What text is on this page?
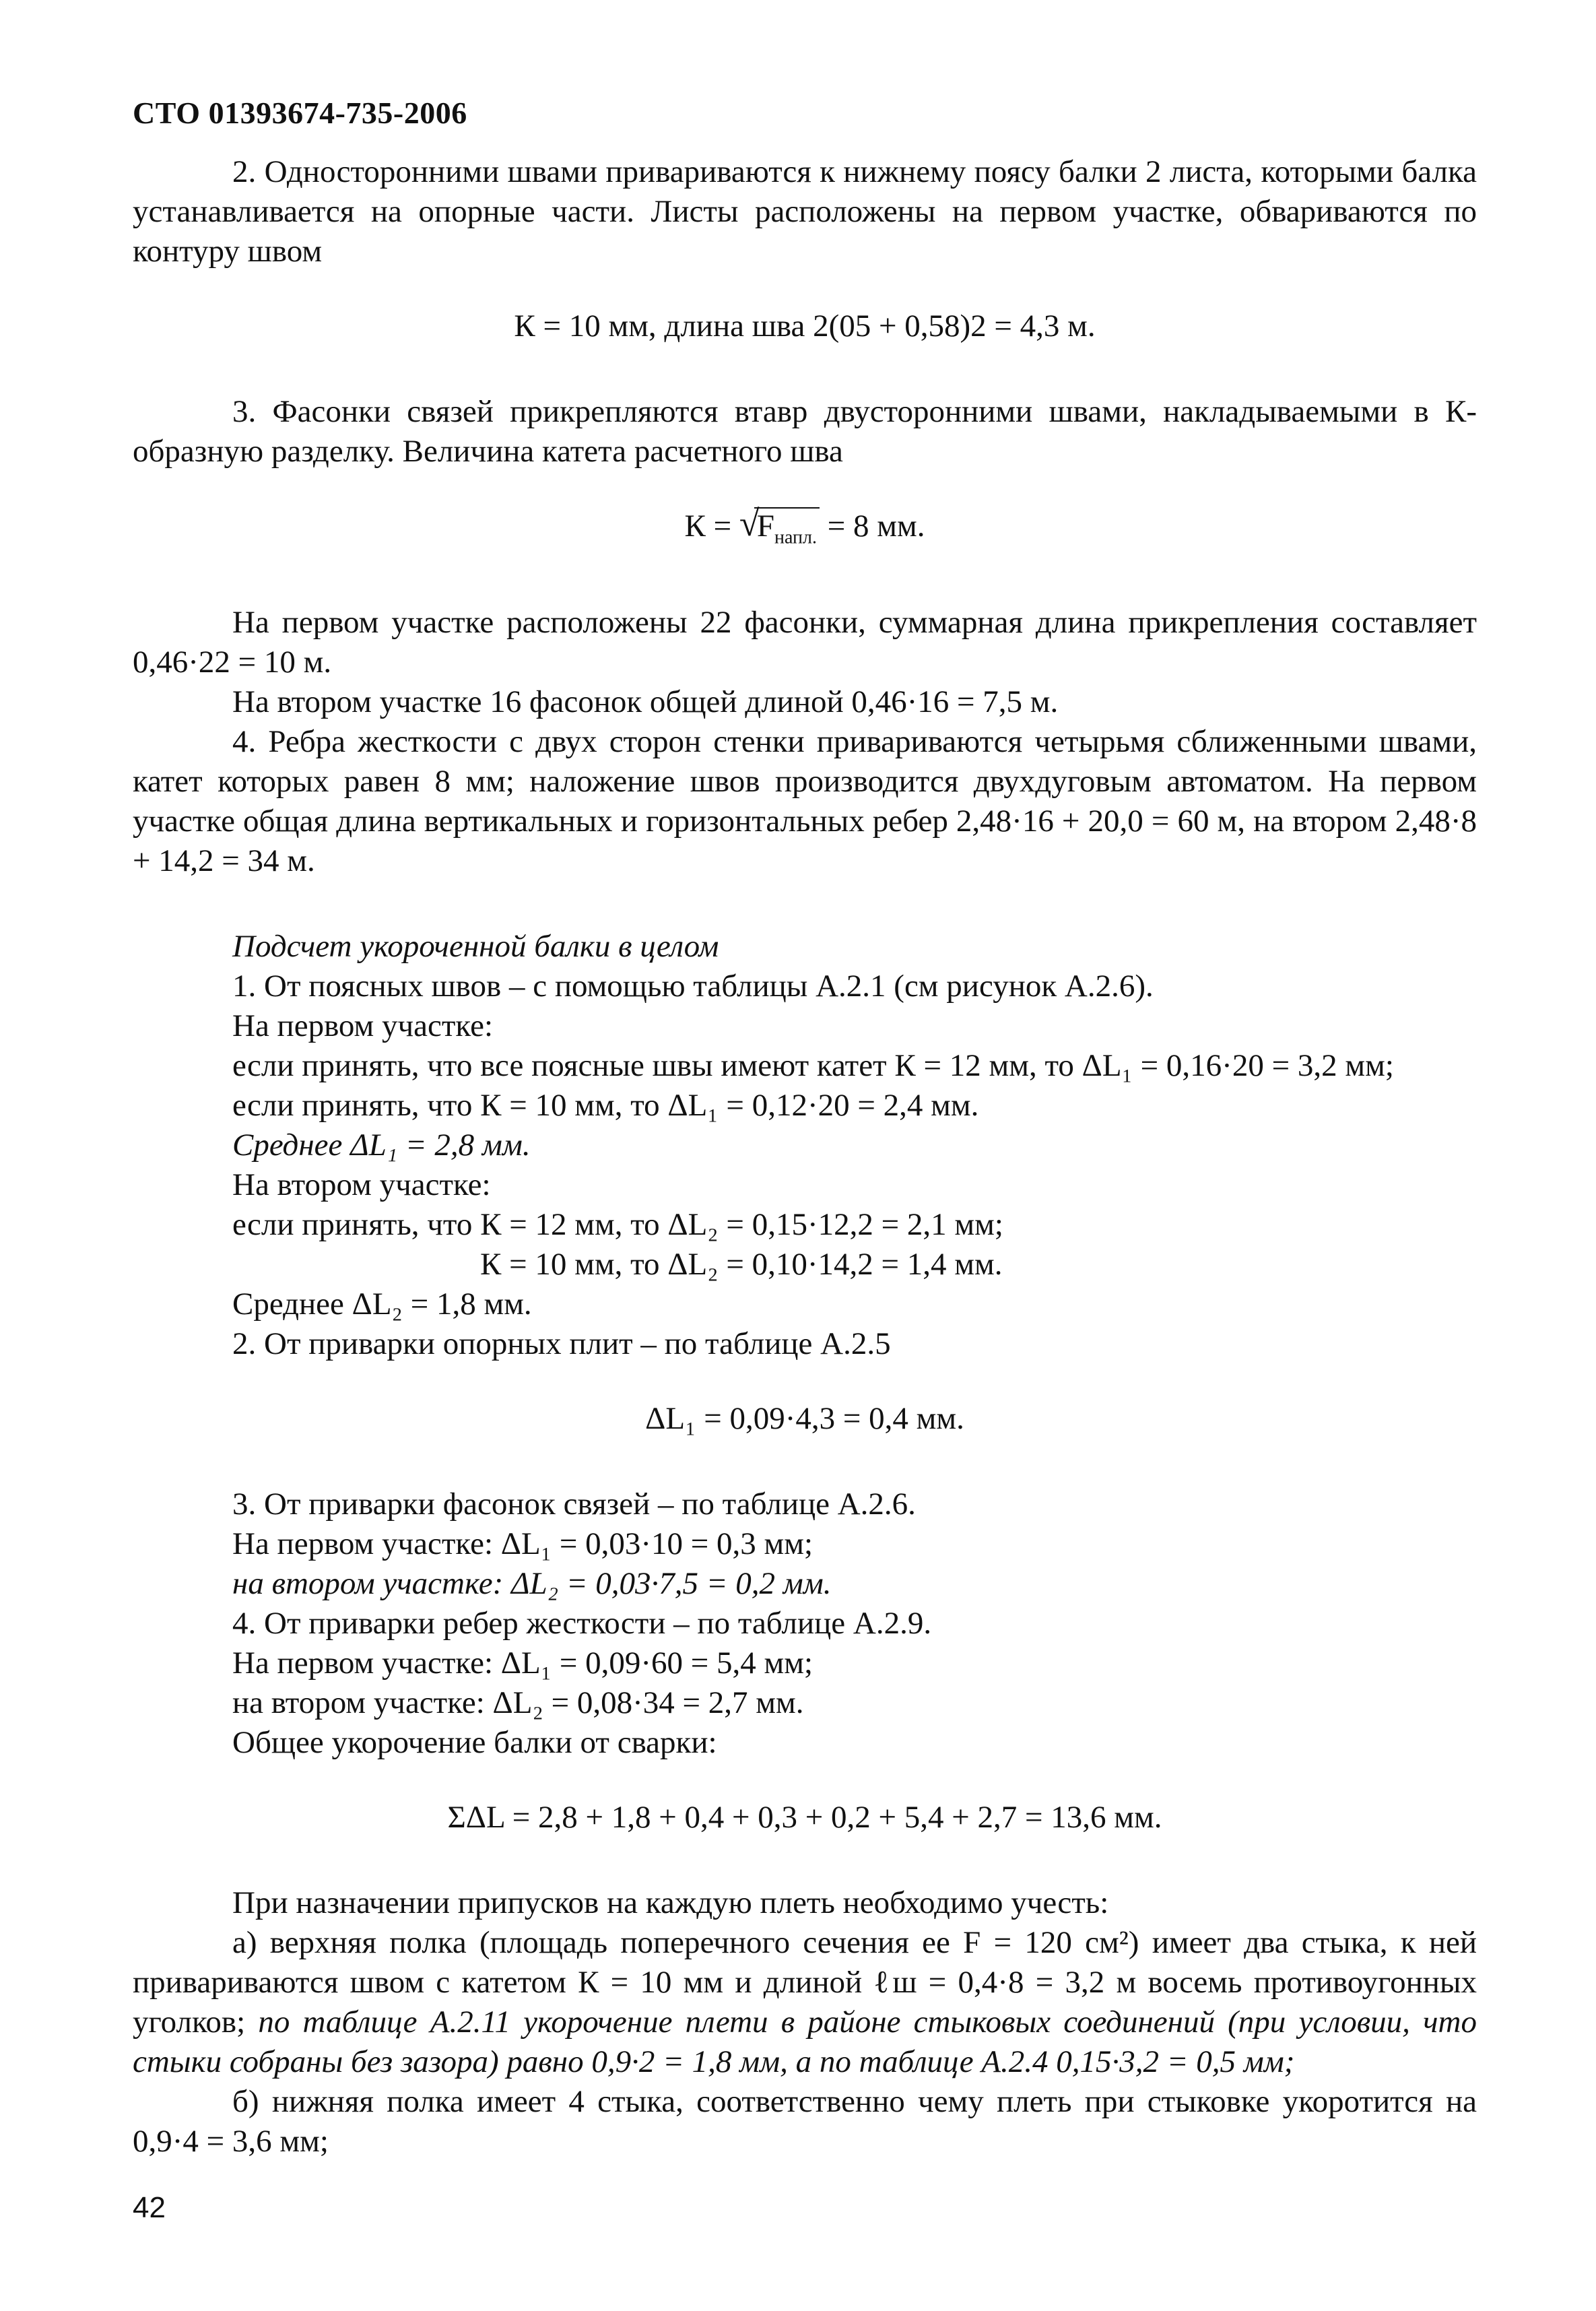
СТО 01393674-735-2006

2. Односторонними швами привариваются к нижнему поясу балки 2 листа, которыми балка устанавливается на опорные части. Листы расположены на первом участке, обвариваются по контуру швом

К = 10 мм, длина шва 2(05 + 0,58)2 = 4,3 м.

3. Фасонки связей прикрепляются втавр двусторонними швами, накладываемыми в К-образную разделку. Величина катета расчетного шва

К = √ $F_{напл.} = 8$ мм.

На первом участке расположены 22 фасонки, суммарная длина прикрепления составляет 0,46·22 = 10 м.

На втором участке 16 фасонок общей длиной 0,46·16 = 7,5 м.

4. Ребра жесткости с двух сторон стенки привариваются четырьмя сближенными швами, катет которых равен 8 мм; наложение швов производится двухдуговым автоматом. На первом участке общая длина вертикальных и горизонтальных ребер 2,48·16 + 20,0 = 60 м, на втором 2,48·8 + 14,2 = 34 м.

Подсчет укороченной балки в целом

1. От поясных швов – с помощью таблицы А.2.1 (см рисунок А.2.6).

На первом участке:

если принять, что все поясные швы имеют катет К = 12 мм, то ΔL₁ = 0,16·20 = 3,2 мм;

если принять, что К = 10 мм, то ΔL₁ = 0,12·20 = 2,4 мм.

Среднее ΔL₁ = 2,8 мм.

На втором участке:

если принять, что К = 12 мм, то ΔL₂ = 0,15·12,2 = 2,1 мм;

К = 10 мм, то ΔL₂ = 0,10·14,2 = 1,4 мм.

Среднее ΔL₂ = 1,8 мм.

2. От приварки опорных плит – по таблице А.2.5

ΔL₁ = 0,09·4,3 = 0,4 мм.

3. От приварки фасонок связей – по таблице А.2.6.

На первом участке: ΔL₁ = 0,03·10 = 0,3 мм;

на втором участке: ΔL₂ = 0,03·7,5 = 0,2 мм.

4. От приварки ребер жесткости – по таблице А.2.9.

На первом участке: ΔL₁ = 0,09·60 = 5,4 мм;

на втором участке: ΔL₂ = 0,08·34 = 2,7 мм.

Общее укорочение балки от сварки:

ΣΔL = 2,8 + 1,8 + 0,4 + 0,3 + 0,2 + 5,4 + 2,7 = 13,6 мм.

При назначении припусков на каждую плеть необходимо учесть:

а) верхняя полка (площадь поперечного сечения ее F = 120 см²) имеет два стыка, к ней привариваются швом с катетом К = 10 мм и длиной ℓш = 0,4·8 = 3,2 м восемь противоугонных уголков; по таблице А.2.11 укорочение плети в районе стыковых соединений (при условии, что стыки собраны без зазора) равно 0,9·2 = 1,8 мм, а по таблице А.2.4 0,15·3,2 = 0,5 мм;

б) нижняя полка имеет 4 стыка, соответственно чему плеть при стыковке укоротится на 0,9·4 = 3,6 мм;

42
